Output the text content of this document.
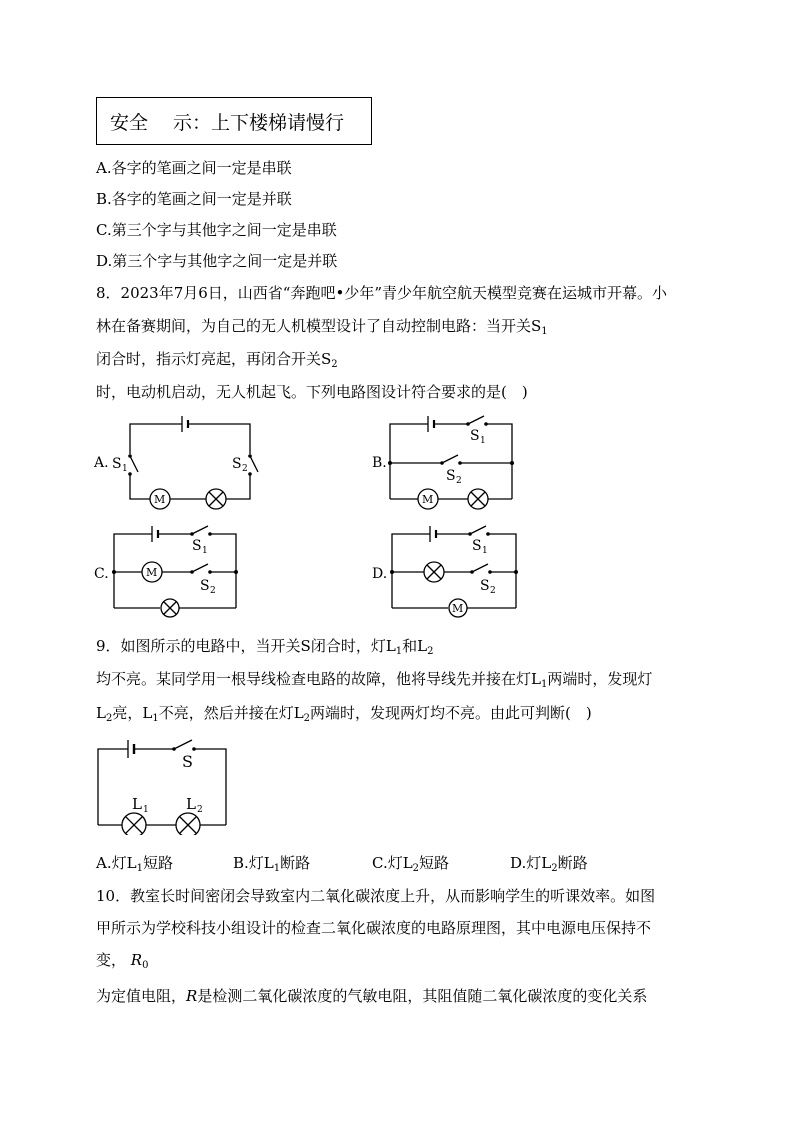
安全　 示：上下楼梯请慢行
A.各字的笔画之间一定是串联
B.各字的笔画之间一定是并联
C.第三个字与其他字之间一定是串联
D.第三个字与其他字之间一定是并联
8．2023年7月6日，山西省“奔跑吧•少年”青少年航空航天模型竞赛在运城市开幕。小
林在备赛期间，为自己的无人机模型设计了自动控制电路：当开关$S_1$
闭合时，指示灯亮起，再闭合开关$S_2$
时，电动机启动，无人机起飞。下列电路图设计符合要求的是(　)
A. S 1	S 2
M
B.
S 1
S 2
M
C.
S 1
M
S 2
D.
S 1
S 2
M
9．如图所示的电路中，当开关S闭合时，灯$L_1$和$L_2$
均不亮。某同学用一根导线检查电路的故障，他将导线先并接在灯$L_1$两端时，发现灯
$L_2$亮，$L_1$不亮，然后并接在灯$L_2$两端时，发现两灯均不亮。由此可判断(　)
S
L 1 L 2
A.灯$L_1$短路	B.灯$L_1$断路	C.灯$L_2$短路	D.灯$L_2$断路
10．教室长时间密闭会导致室内二氧化碳浓度上升，从而影响学生的听课效率。如图
甲所示为学校科技小组设计的检查二氧化碳浓度的电路原理图，其中电源电压保持不
变， $R_0$
为定值电阻，R是检测二氧化碳浓度的气敏电阻，其阻值随二氧化碳浓度的变化关系
